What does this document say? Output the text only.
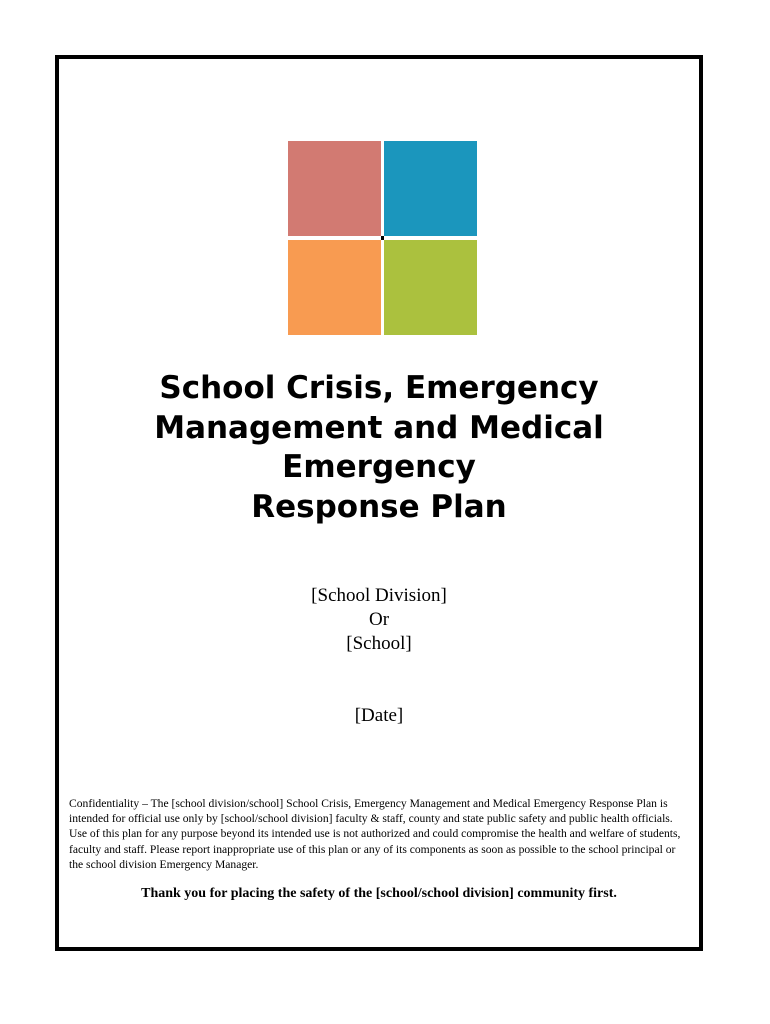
School Crisis, Emergency
Management and Medical
Emergency
Response Plan
[School Division]
Or
[School]
[Date]

Confidentiality – The [school division/school] School Crisis, Emergency Management and Medical Emergency Response Plan is intended for official use only by [school/school division] faculty & staff, county and state public safety and public health officials. Use of this plan for any purpose beyond its intended use is not authorized and could compromise the health and welfare of students, faculty and staff. Please report inappropriate use of this plan or any of its components as soon as possible to the school principal or the school division Emergency Manager.

Thank you for placing the safety of the [school/school division] community first.
